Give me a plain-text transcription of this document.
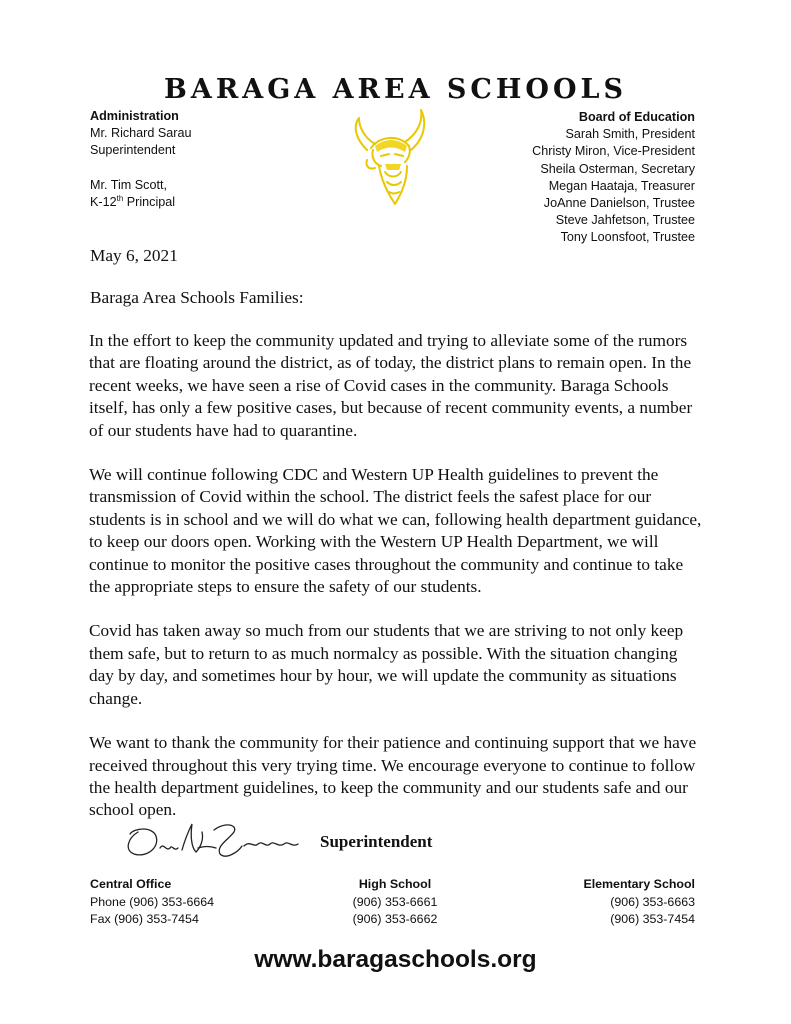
BARAGA AREA SCHOOLS
Administration
Mr. Richard Sarau
Superintendent
Mr. Tim Scott,
K-12th Principal
Board of Education
Sarah Smith, President
Christy Miron, Vice-President
Sheila Osterman, Secretary
Megan Haataja, Treasurer
JoAnne Danielson, Trustee
Steve Jahfetson, Trustee
Tony Loonsfoot, Trustee
May 6, 2021
Baraga Area Schools Families:

In the effort to keep the community updated and trying to alleviate some of the rumors that are floating around the district, as of today, the district plans to remain open. In the recent weeks, we have seen a rise of Covid cases in the community. Baraga Schools itself, has only a few positive cases, but because of recent community events, a number of our students have had to quarantine.

We will continue following CDC and Western UP Health guidelines to prevent the transmission of Covid within the school. The district feels the safest place for our students is in school and we will do what we can, following health department guidance, to keep our doors open. Working with the Western UP Health Department, we will continue to monitor the positive cases throughout the community and continue to take the appropriate steps to ensure the safety of our students.

Covid has taken away so much from our students that we are striving to not only keep them safe, but to return to as much normalcy as possible. With the situation changing day by day, and sometimes hour by hour, we will update the community as situations change.

We want to thank the community for their patience and continuing support that we have received throughout this very trying time. We encourage everyone to continue to follow the health department guidelines, to keep the community and our students safe and our school open.

Superintendent
Central Office
Phone (906) 353-6664
Fax (906) 353-7454
High School
(906) 353-6661
(906) 353-6662
Elementary School
(906) 353-6663
(906) 353-7454
www.baragaschools.org
